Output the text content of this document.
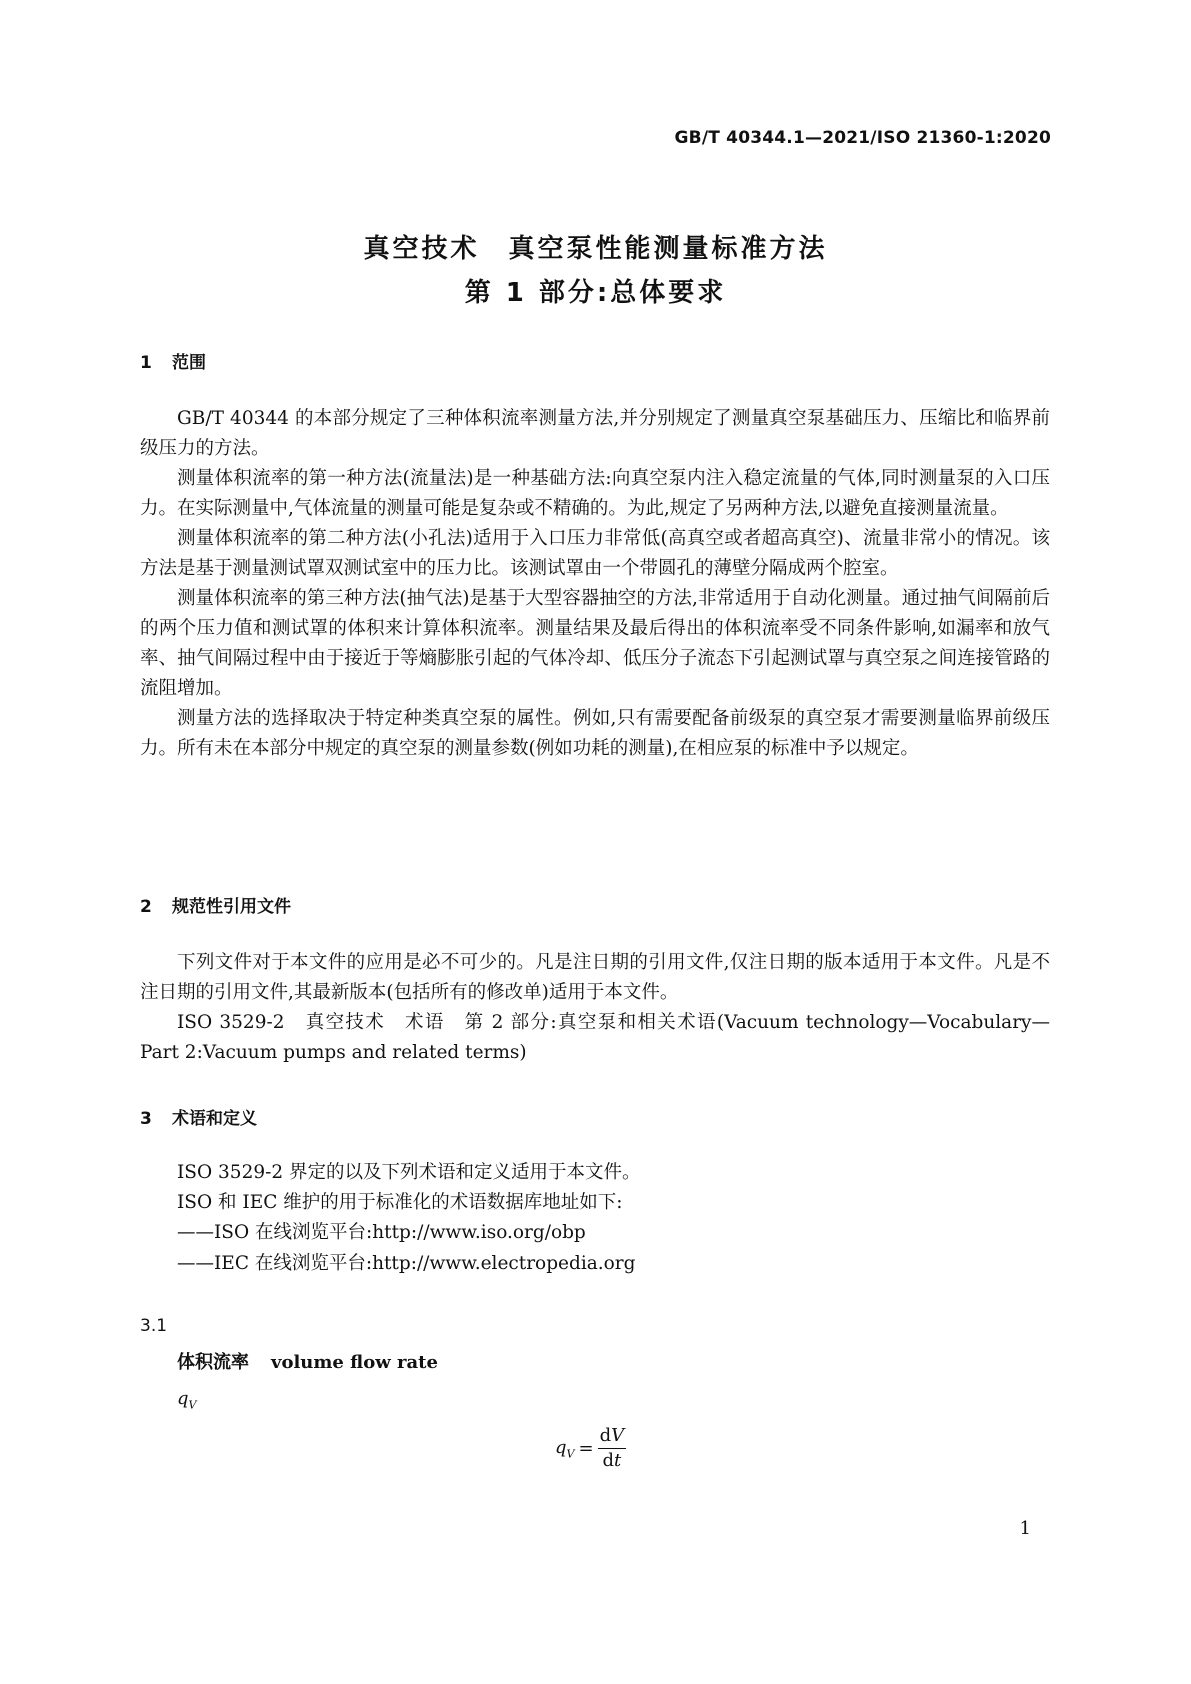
GB/T 40344.1—2021/ISO 21360-1:2020
真空技术　真空泵性能测量标准方法
第 1 部分:总体要求
1 范围

GB/T 40344 的本部分规定了三种体积流率测量方法,并分别规定了测量真空泵基础压力、压缩比和临界前级压力的方法。

测量体积流率的第一种方法(流量法)是一种基础方法:向真空泵内注入稳定流量的气体,同时测量泵的入口压力。在实际测量中,气体流量的测量可能是复杂或不精确的。为此,规定了另两种方法,以避免直接测量流量。

测量体积流率的第二种方法(小孔法)适用于入口压力非常低(高真空或者超高真空)、流量非常小的情况。该方法是基于测量测试罩双测试室中的压力比。该测试罩由一个带圆孔的薄壁分隔成两个腔室。

测量体积流率的第三种方法(抽气法)是基于大型容器抽空的方法,非常适用于自动化测量。通过抽气间隔前后的两个压力值和测试罩的体积来计算体积流率。测量结果及最后得出的体积流率受不同条件影响,如漏率和放气率、抽气间隔过程中由于接近于等熵膨胀引起的气体冷却、低压分子流态下引起测试罩与真空泵之间连接管路的流阻增加。

测量方法的选择取决于特定种类真空泵的属性。例如,只有需要配备前级泵的真空泵才需要测量临界前级压力。所有未在本部分中规定的真空泵的测量参数(例如功耗的测量),在相应泵的标准中予以规定。

2 规范性引用文件

下列文件对于本文件的应用是必不可少的。凡是注日期的引用文件,仅注日期的版本适用于本文件。凡是不注日期的引用文件,其最新版本(包括所有的修改单)适用于本文件。

ISO 3529-2　真空技术　术语　第 2 部分:真空泵和相关术语(Vacuum technology—Vocabulary—Part 2:Vacuum pumps and related terms)

3 术语和定义
ISO 3529-2 界定的以及下列术语和定义适用于本文件。
ISO 和 IEC 维护的用于标准化的术语数据库地址如下:
——ISO 在线浏览平台:http://www.iso.org/obp
——IEC 在线浏览平台:http://www.electropedia.org
3.1
体积流率 volume flow rate
$q_V$
$q_V = \frac{dV}{dt}$
1
